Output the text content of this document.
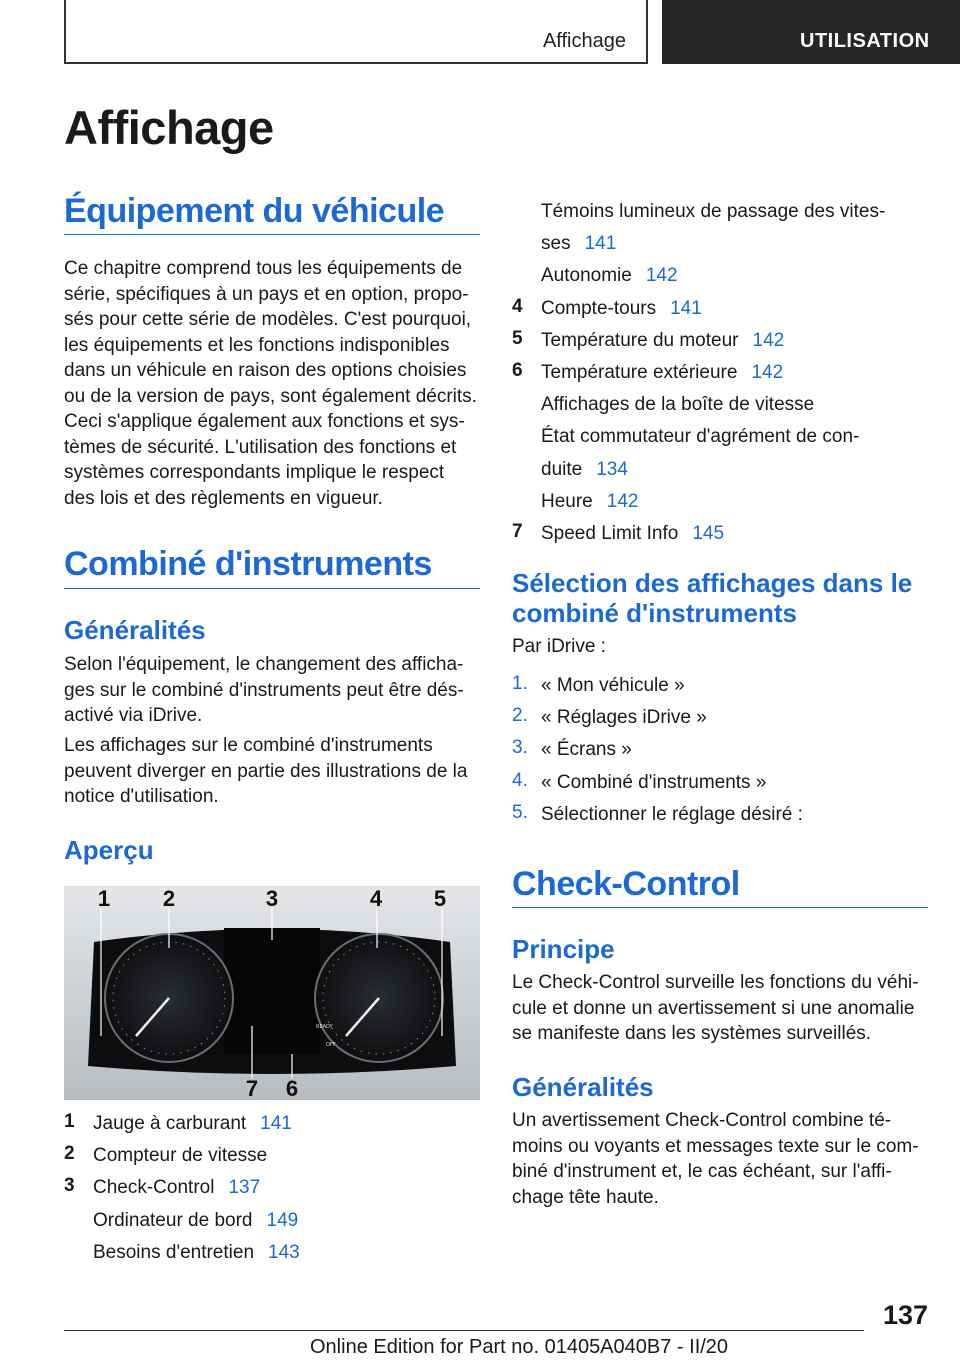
Affichage	UTILISATION
Affichage
Équipement du véhicule

Ce chapitre comprend tous les équipements de

série, spécifiques à un pays et en option, propo-

sés pour cette série de modèles. C'est pourquoi,

les équipements et les fonctions indisponibles

dans un véhicule en raison des options choisies

ou de la version de pays, sont également décrits.

Ceci s'applique également aux fonctions et sys-

tèmes de sécurité. L'utilisation des fonctions et

systèmes correspondants implique le respect

des lois et des règlements en vigueur.

Combiné d'instruments
Généralités

Selon l'équipement, le changement des afficha-

ges sur le combiné d'instruments peut être dés-

activé via iDrive.

Les affichages sur le combiné d'instruments

peuvent diverger en partie des illustrations de la

notice d'utilisation.

Aperçu
READY
OFF
1 2	3	4 5
7 6
1 Jauge à carburant 141
2 Compteur de vitesse
3 Check-Control 137
Ordinateur de bord 149
Besoins d'entretien 143
Témoins lumineux de passage des vites-
ses 141
Autonomie 142
4 Compte-tours 141
5 Température du moteur 142
6 Température extérieure 142
Affichages de la boîte de vitesse
État commutateur d'agrément de con-
duite 134
Heure 142
7 Speed Limit Info 145
Sélection des affichages dans le
combiné d'instruments

Par iDrive :

1. « Mon véhicule »
2. « Réglages iDrive »
3. « Écrans »
4. « Combiné d'instruments »
5. Sélectionner le réglage désiré :
Check-Control
Principe

Le Check-Control surveille les fonctions du véhi-

cule et donne un avertissement si une anomalie

se manifeste dans les systèmes surveillés.

Généralités

Un avertissement Check-Control combine té-

moins ou voyants et messages texte sur le com-

biné d'instrument et, le cas échéant, sur l'affi-

chage tête haute.

137
Online Edition for Part no. 01405A040B7 - II/20
